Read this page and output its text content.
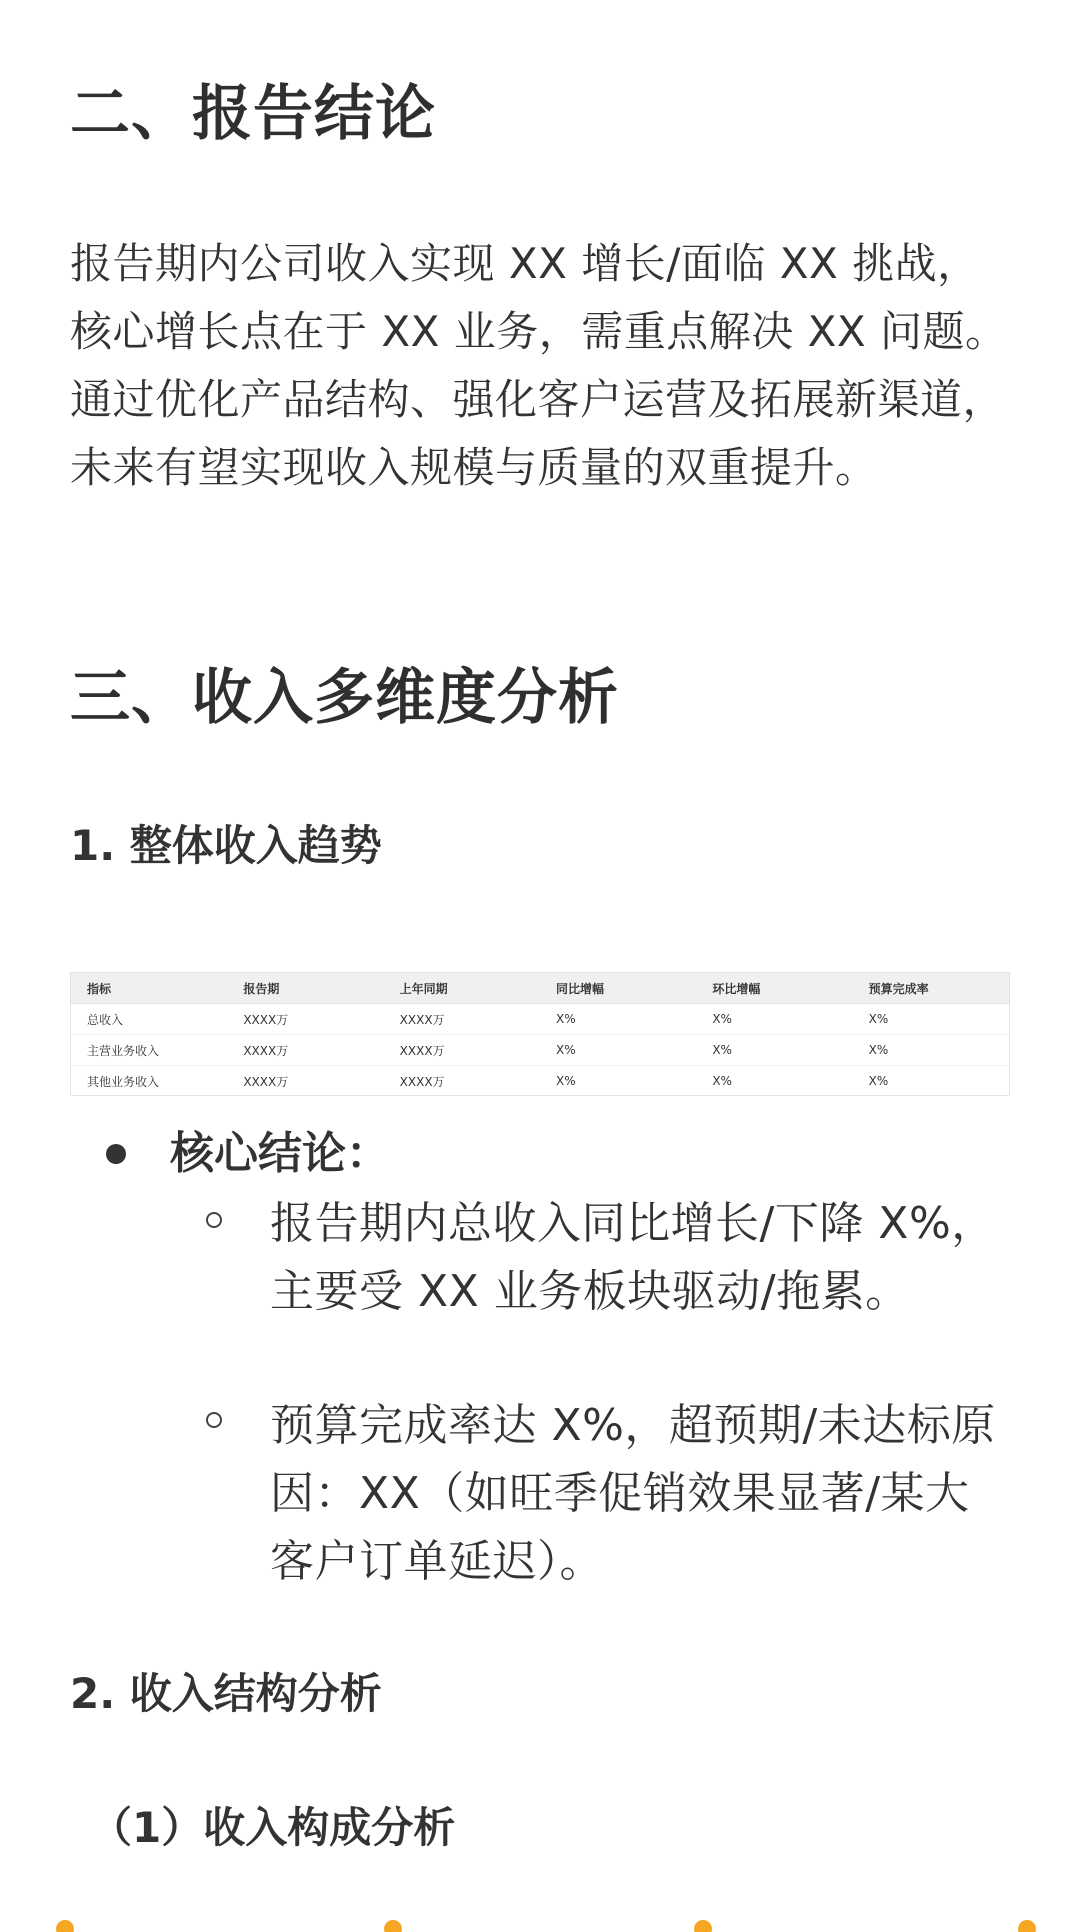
二、报告结论
报告期内公司收入实现 XX 增长/面临 XX 挑战，核心增长点在于 XX 业务，需重点解决 XX 问题。通过优化产品结构、强化客户运营及拓展新渠道，未来有望实现收入规模与质量的双重提升。
三、收入多维度分析
1. 整体收入趋势
指标	报告期	上年同期	同比增幅	环比增幅	预算完成率
总收入	XXXX万	XXXX万	X%	X%	X%
主营业务收入	XXXX万	XXXX万	X%	X%	X%
其他业务收入	XXXX万	XXXX万	X%	X%	X%
核心结论：
报告期内总收入同比增长/下降 X%，主要受 XX 业务板块驱动/拖累。
预算完成率达 X%，超预期/未达标原因：XX（如旺季促销效果显著/某大客户订单延迟）。
2. 收入结构分析
（1）收入构成分析
